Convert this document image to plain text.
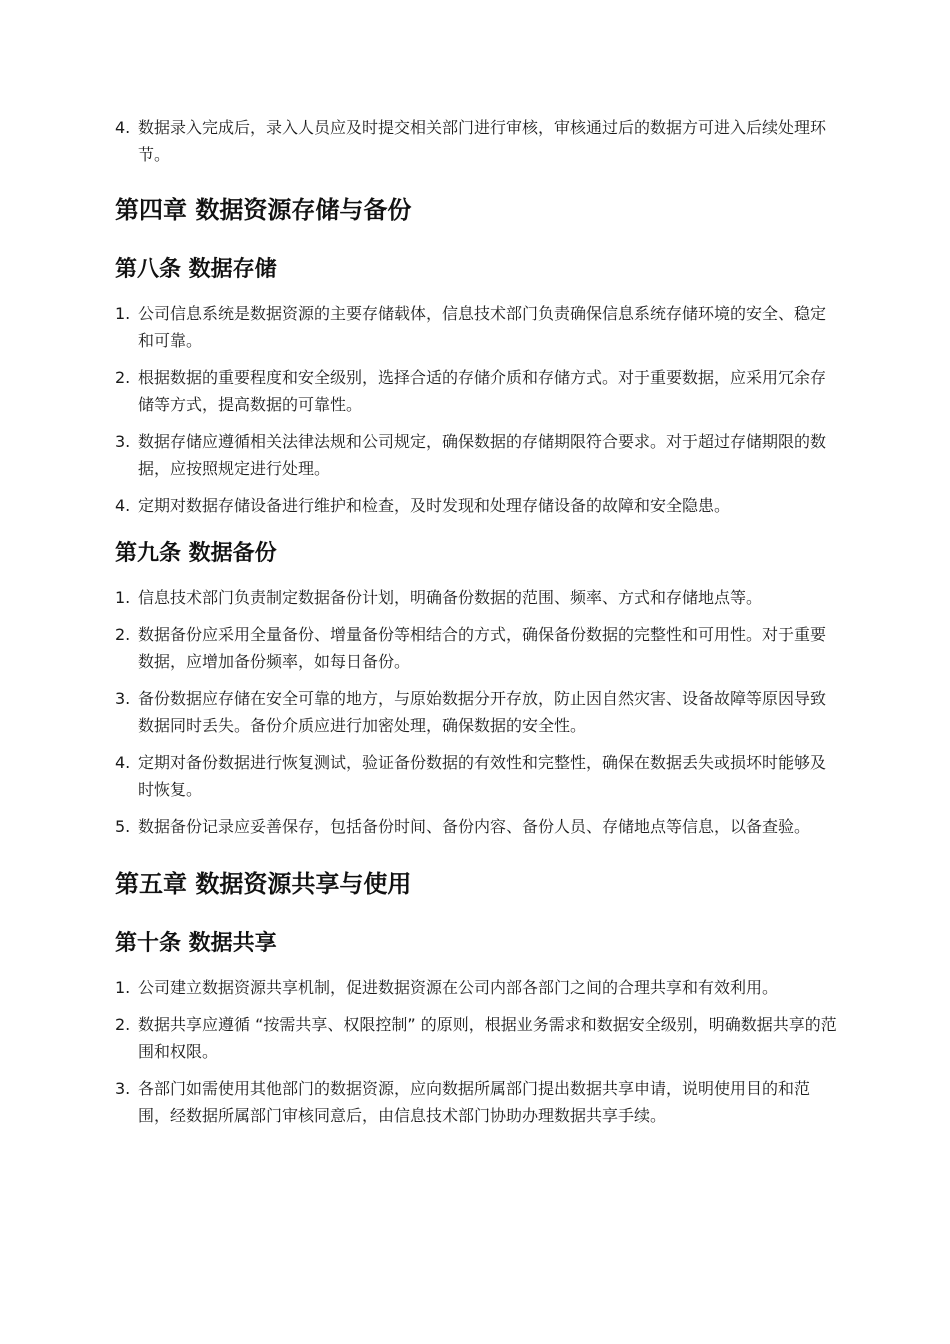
4. 数据录入完成后，录入人员应及时提交相关部门进行审核，审核通过后的数据方可进入后续处理环节。
第四章 数据资源存储与备份
第八条 数据存储
1. 公司信息系统是数据资源的主要存储载体，信息技术部门负责确保信息系统存储环境的安全、稳定和可靠。
2. 根据数据的重要程度和安全级别，选择合适的存储介质和存储方式。对于重要数据，应采用冗余存储等方式，提高数据的可靠性。
3. 数据存储应遵循相关法律法规和公司规定，确保数据的存储期限符合要求。对于超过存储期限的数据，应按照规定进行处理。
4. 定期对数据存储设备进行维护和检查，及时发现和处理存储设备的故障和安全隐患。
第九条 数据备份
1. 信息技术部门负责制定数据备份计划，明确备份数据的范围、频率、方式和存储地点等。
2. 数据备份应采用全量备份、增量备份等相结合的方式，确保备份数据的完整性和可用性。对于重要数据，应增加备份频率，如每日备份。
3. 备份数据应存储在安全可靠的地方，与原始数据分开存放，防止因自然灾害、设备故障等原因导致数据同时丢失。备份介质应进行加密处理，确保数据的安全性。
4. 定期对备份数据进行恢复测试，验证备份数据的有效性和完整性，确保在数据丢失或损坏时能够及时恢复。
5. 数据备份记录应妥善保存，包括备份时间、备份内容、备份人员、存储地点等信息，以备查验。
第五章 数据资源共享与使用
第十条 数据共享
1. 公司建立数据资源共享机制，促进数据资源在公司内部各部门之间的合理共享和有效利用。
2. 数据共享应遵循 “按需共享、权限控制” 的原则，根据业务需求和数据安全级别，明确数据共享的范围和权限。
3. 各部门如需使用其他部门的数据资源，应向数据所属部门提出数据共享申请，说明使用目的和范围，经数据所属部门审核同意后，由信息技术部门协助办理数据共享手续。
